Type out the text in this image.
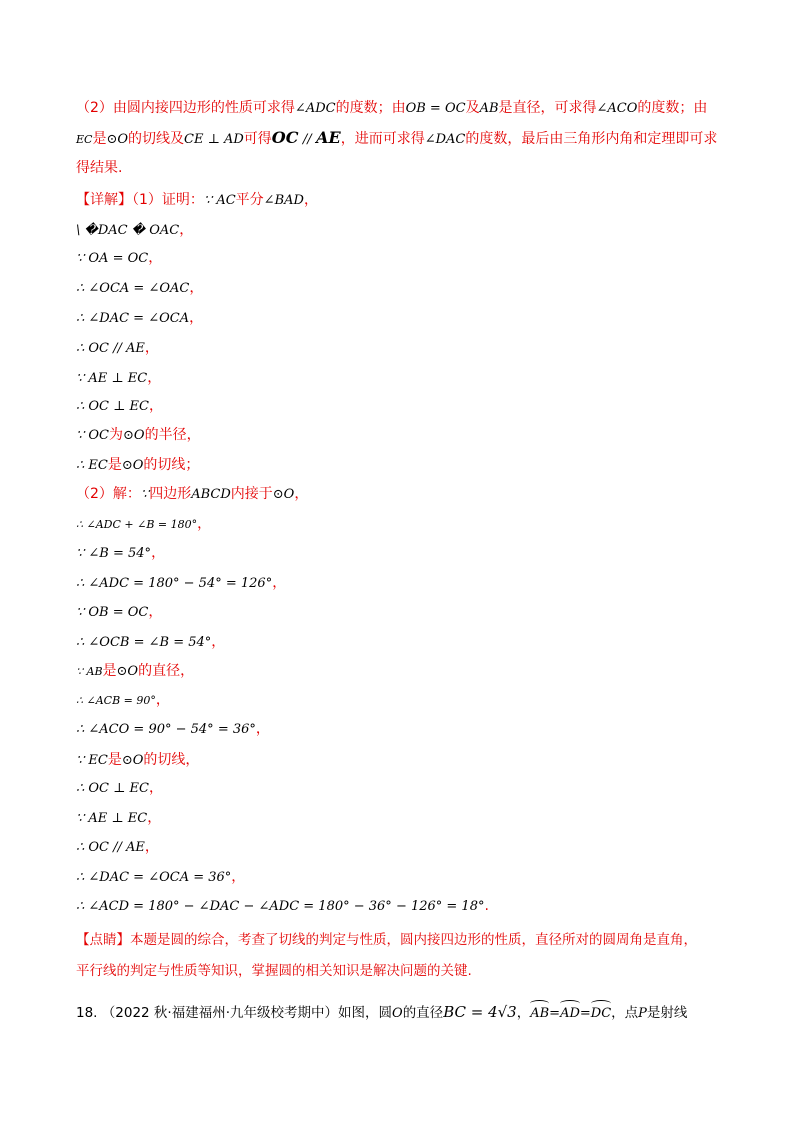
（2）由圆内接四边形的性质可求得∠ADC的度数；由OB = OC及AB是直径，可求得∠ACO的度数；由
EC是⊙O的切线及CE ⊥ AD可得OC // AE，进而可求得∠DAC的度数，最后由三角形内角和定理即可求
得结果.
【详解】（1）证明：∵ AC平分∠BAD，
\ �DAC � OAC，
∵ OA = OC，
∴ ∠OCA = ∠OAC，
∴ ∠DAC = ∠OCA，
∴ OC // AE，
∵ AE ⊥ EC，
∴ OC ⊥ EC，
∵ OC为⊙O的半径，
∴ EC是⊙O的切线；
（2）解：∵四边形ABCD内接于⊙O，
∴ ∠ADC + ∠B = 180°，
∵ ∠B = 54°，
∴ ∠ADC = 180° − 54° = 126°，
∵ OB = OC，
∴ ∠OCB = ∠B = 54°，
∵ AB是⊙O的直径，
∴ ∠ACB = 90°，
∴ ∠ACO = 90° − 54° = 36°，
∵ EC是⊙O的切线，
∴ OC ⊥ EC，
∵ AE ⊥ EC，
∴ OC // AE，
∴ ∠DAC = ∠OCA = 36°，
∴ ∠ACD = 180° − ∠DAC − ∠ADC = 180° − 36° − 126° = 18°.
【点睛】本题是圆的综合，考查了切线的判定与性质，圆内接四边形的性质，直径所对的圆周角是直角，
平行线的判定与性质等知识，掌握圆的相关知识是解决问题的关键.
18. （2022 秋·福建福州·九年级校考期中）如图，圆O的直径BC = 4√3，AB=AD=DC，点P是射线
